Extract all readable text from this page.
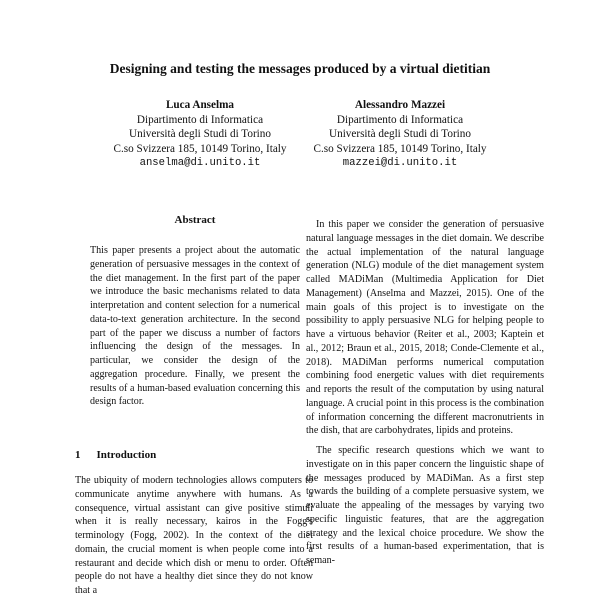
Designing and testing the messages produced by a virtual dietitian
Luca Anselma
Dipartimento di Informatica
Università degli Studi di Torino
C.so Svizzera 185, 10149 Torino, Italy
anselma@di.unito.it
Alessandro Mazzei
Dipartimento di Informatica
Università degli Studi di Torino
C.so Svizzera 185, 10149 Torino, Italy
mazzei@di.unito.it
Abstract
This paper presents a project about the automatic generation of persuasive messages in the context of the diet management. In the first part of the paper we introduce the basic mechanisms related to data interpretation and content selection for a numerical data-to-text generation architecture. In the second part of the paper we discuss a number of factors influencing the design of the messages. In particular, we consider the design of the aggregation procedure. Finally, we present the results of a human-based evaluation concerning this design factor.
1 Introduction

The ubiquity of modern technologies allows computers to communicate anytime anywhere with humans. As a consequence, virtual assistant can give positive stimuli when it is really necessary, kairos in the Fogg's terminology (Fogg, 2002). In the context of the diet domain, the crucial moment is when people come into a restaurant and decide which dish or menu to order. Often people do not have a healthy diet since they do not know that a

In this paper we consider the generation of persuasive natural language messages in the diet domain. We describe the actual implementation of the natural language generation (NLG) module of the diet management system called MADiMan (Multimedia Application for Diet Management) (Anselma and Mazzei, 2015). One of the main goals of this project is to investigate on the possibility to apply persuasive NLG for helping people to have a virtuous behavior (Reiter et al., 2003; Kaptein et al., 2012; Braun et al., 2015, 2018; Conde-Clemente et al., 2018). MADiMan performs numerical computation combining food energetic values with diet requirements and reports the result of the computation by using natural language. A crucial point in this process is the combination of information concerning the different macronutrients in the dish, that are carbohydrates, lipids and proteins.

The specific research questions which we want to investigate on in this paper concern the linguistic shape of the messages produced by MADiMan. As a first step towards the building of a complete persuasive system, we evaluate the appealing of the messages by varying two specific linguistic features, that are the aggregation strategy and the lexical choice procedure. We show the first results of a human-based experimentation, that is seman-
